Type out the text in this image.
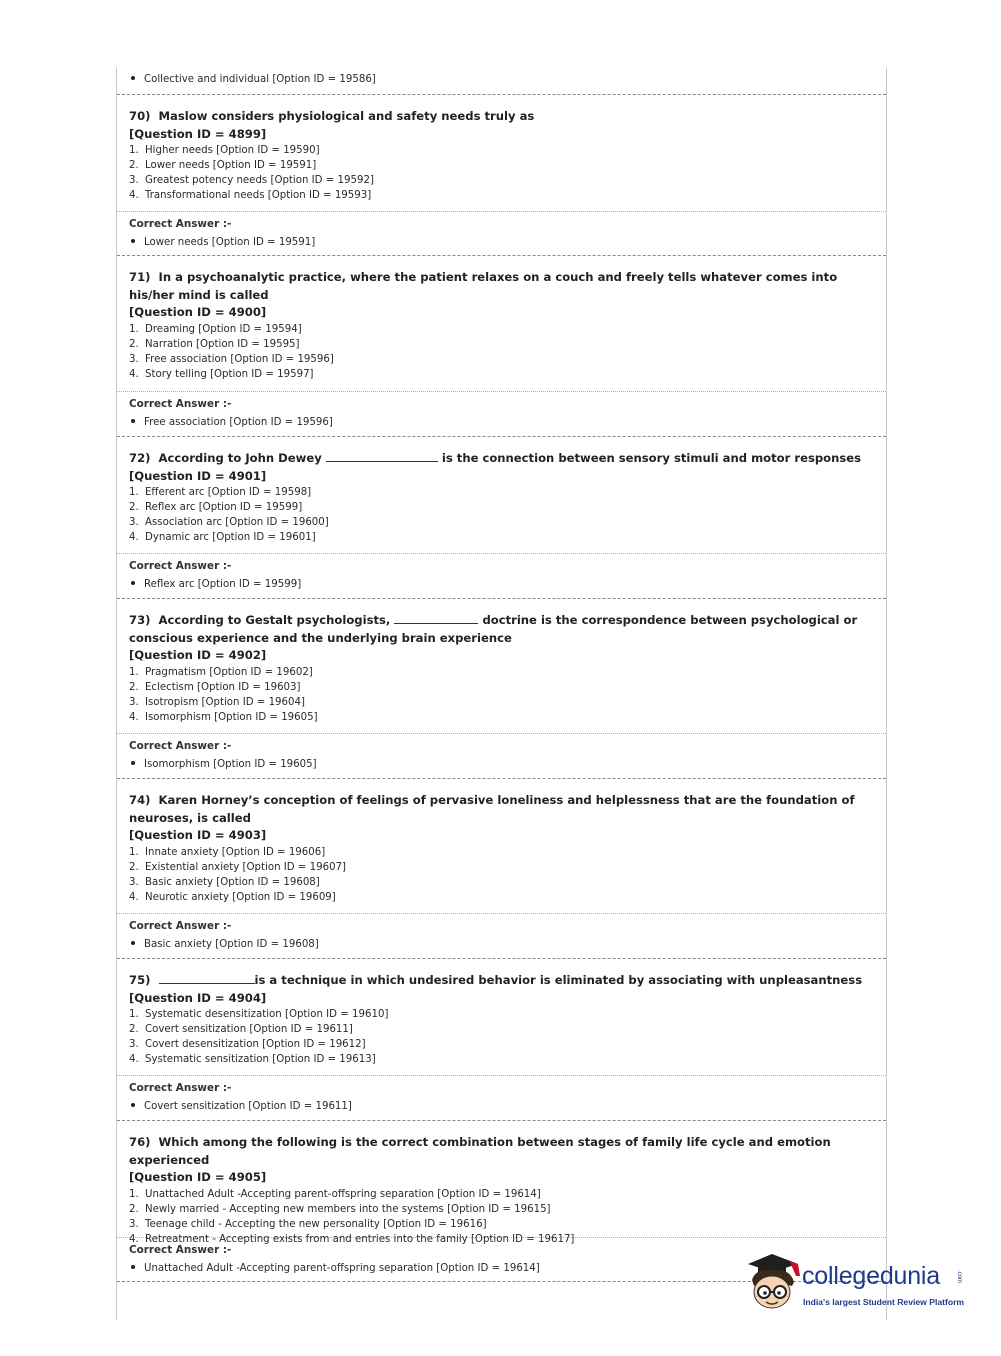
Collective and individual [Option ID = 19586]
70) Maslow considers physiological and safety needs truly as
[Question ID = 4899]
1. Higher needs [Option ID = 19590]
2. Lower needs [Option ID = 19591]
3. Greatest potency needs [Option ID = 19592]
4. Transformational needs [Option ID = 19593]
Correct Answer :-
Lower needs [Option ID = 19591]
71) In a psychoanalytic practice, where the patient relaxes on a couch and freely tells whatever comes into his/her mind is called
[Question ID = 4900]
1. Dreaming [Option ID = 19594]
2. Narration [Option ID = 19595]
3. Free association [Option ID = 19596]
4. Story telling [Option ID = 19597]
Correct Answer :-
Free association [Option ID = 19596]
72) According to John Dewey	is the connection between sensory stimuli and motor responses
[Question ID = 4901]
1. Efferent arc [Option ID = 19598]
2. Reflex arc [Option ID = 19599]
3. Association arc [Option ID = 19600]
4. Dynamic arc [Option ID = 19601]
Correct Answer :-
Reflex arc [Option ID = 19599]
73) According to Gestalt psychologists,	doctrine is the correspondence between psychological or conscious experience and the underlying brain experience
[Question ID = 4902]
1. Pragmatism [Option ID = 19602]
2. Eclectism [Option ID = 19603]
3. Isotropism [Option ID = 19604]
4. Isomorphism [Option ID = 19605]
Correct Answer :-
Isomorphism [Option ID = 19605]
74) Karen Horney’s conception of feelings of pervasive loneliness and helplessness that are the foundation of neuroses, is called
[Question ID = 4903]
1. Innate anxiety [Option ID = 19606]
2. Existential anxiety [Option ID = 19607]
3. Basic anxiety [Option ID = 19608]
4. Neurotic anxiety [Option ID = 19609]
Correct Answer :-
Basic anxiety [Option ID = 19608]
75)	is a technique in which undesired behavior is eliminated by associating with unpleasantness
[Question ID = 4904]
1. Systematic desensitization [Option ID = 19610]
2. Covert sensitization [Option ID = 19611]
3. Covert desensitization [Option ID = 19612]
4. Systematic sensitization [Option ID = 19613]
Correct Answer :-
Covert sensitization [Option ID = 19611]
76) Which among the following is the correct combination between stages of family life cycle and emotion experienced
[Question ID = 4905]
1. Unattached Adult -Accepting parent-offspring separation [Option ID = 19614]
2. Newly married - Accepting new members into the systems [Option ID = 19615]
3. Teenage child - Accepting the new personality [Option ID = 19616]
4. Retreatment - Accepting exists from and entries into the family [Option ID = 19617]
Correct Answer :-
Unattached Adult -Accepting parent-offspring separation [Option ID = 19614]	collegedunia	.com
India's largest Student Review Platform
